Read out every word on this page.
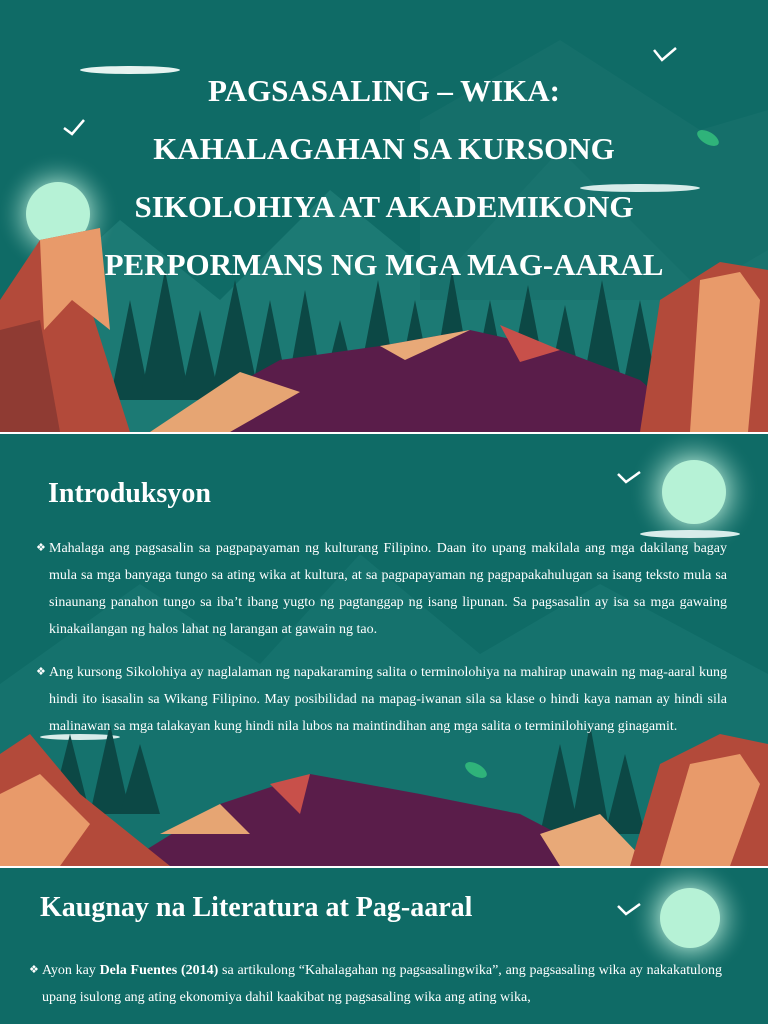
PAGSASALING – WIKA:
KAHALAGAHAN SA KURSONG
SIKOLOHIYA AT AKADEMIKONG
PERPORMANS NG MGA MAG-AARAL
Introduksyon
❖ Mahalaga ang pagsasalin sa pagpapayaman ng kulturang Filipino. Daan ito upang makilala ang mga dakilang bagay mula sa mga banyaga tungo sa ating wika at kultura, at sa pagpapayaman ng pagpapakahulugan sa isang teksto mula sa sinaunang panahon tungo sa iba’t ibang yugto ng pagtanggap ng isang lipunan. Sa pagsasalin ay isa sa mga gawaing kinakailangan ng halos lahat ng larangan at gawain ng tao.
❖ Ang kursong Sikolohiya ay naglalaman ng napakaraming salita o terminolohiya na mahirap unawain ng mag-aaral kung hindi ito isasalin sa Wikang Filipino. May posibilidad na mapag-iwanan sila sa klase o hindi kaya naman ay hindi sila malinawan sa mga talakayan kung hindi nila lubos na maintindihan ang mga salita o terminilohiyang ginagamit.
Kaugnay na Literatura at Pag-aaral
❖ Ayon kay Dela Fuentes (2014) sa artikulong “Kahalagahan ng pagsasalingwika”, ang pagsasaling wika ay nakakatulong upang isulong ang ating ekonomiya dahil kaakibat ng pagsasaling wika ang ating wika,
